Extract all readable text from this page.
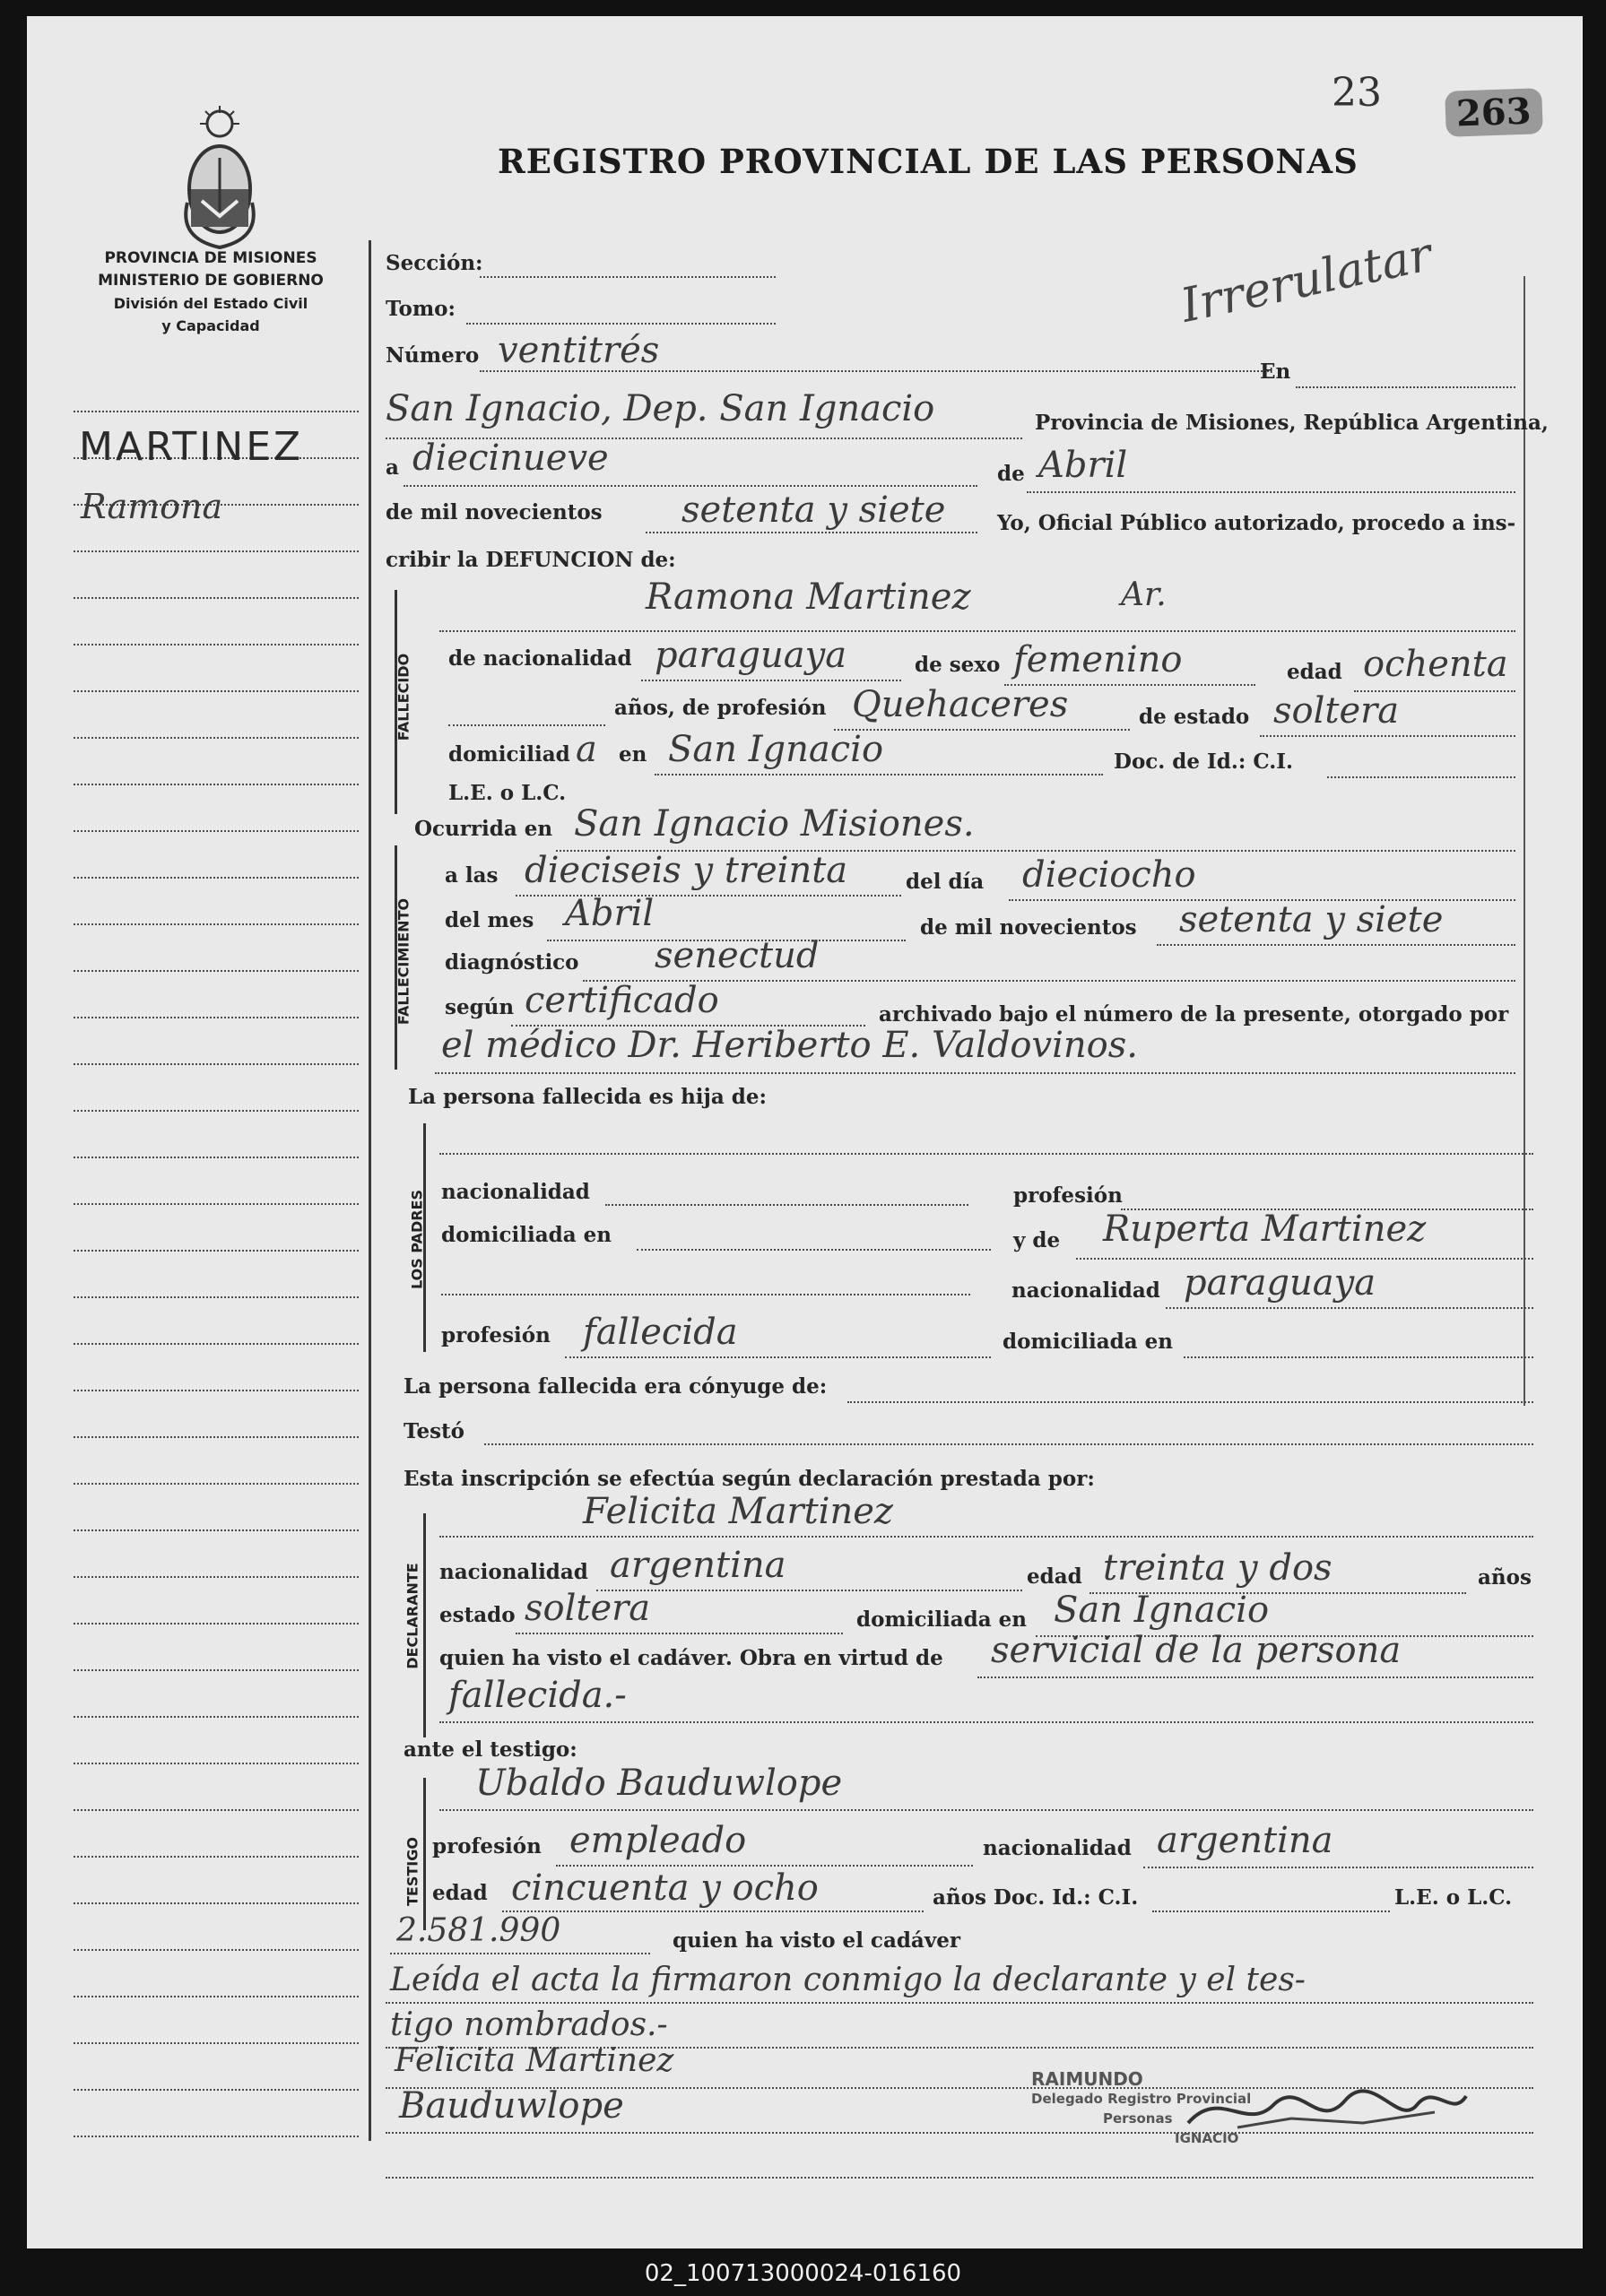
23	263
REGISTRO PROVINCIAL DE LAS PERSONAS
PROVINCIA DE MISIONES
MINISTERIO DE GOBIERNO
División del Estado Civil
y Capacidad
MARTINEZ
Ramona
Irrerulatar
Sección:
Tomo:
Número ventitrés
En
San Ignacio, Dep. San Ignacio	Provincia de Misiones, República Argentina,
a diecinueve	de Abril
de mil novecientos setenta y siete	Yo, Oficial Público autorizado, procedo a ins-
cribir la DEFUNCION de:
FALLECIDO
Ramona Martinez	Ar.
de nacionalidad paraguaya	de sexo femenino	edad ochenta
años, de profesión Quehaceres	de estado soltera
domiciliad a en San Ignacio	Doc. de Id.: C.I.
L.E. o L.C.
Ocurrida en San Ignacio Misiones.
FALLECIMIENTO
a las dieciseis y treinta	del día dieciocho
del mes Abril	de mil novecientos setenta y siete
diagnóstico senectud
según certificado	archivado bajo el número de la presente, otorgado por
el médico Dr. Heriberto E. Valdovinos.
La persona fallecida es hija de:
LOS PADRES nacionalidad	profesión
domiciliada en	y de Ruperta Martinez
nacionalidad paraguaya
profesión fallecida	domiciliada en
La persona fallecida era cónyuge de:
Testó
Esta inscripción se efectúa según declaración prestada por:
DECLARANTE
Felicita Martinez
nacionalidad argentina	edad treinta y dos	años
estado soltera	domiciliada en San Ignacio
quien ha visto el cadáver. Obra en virtud de servicial de la persona
fallecida.-
ante el testigo:
TESTIGO
Ubaldo Bauduwlope
profesión empleado	nacionalidad argentina
edad cincuenta y ocho	años Doc. Id.: C.I.	L.E. o L.C.
2.581.990	quien ha visto el cadáver
Leída el acta la firmaron conmigo la declarante y el tes-
tigo nombrados.-
Felicita Martinez
Bauduwlope
RAIMUNDO
Delegado Registro Provincial
Personas
IGNACIO
02_100713000024-016160
